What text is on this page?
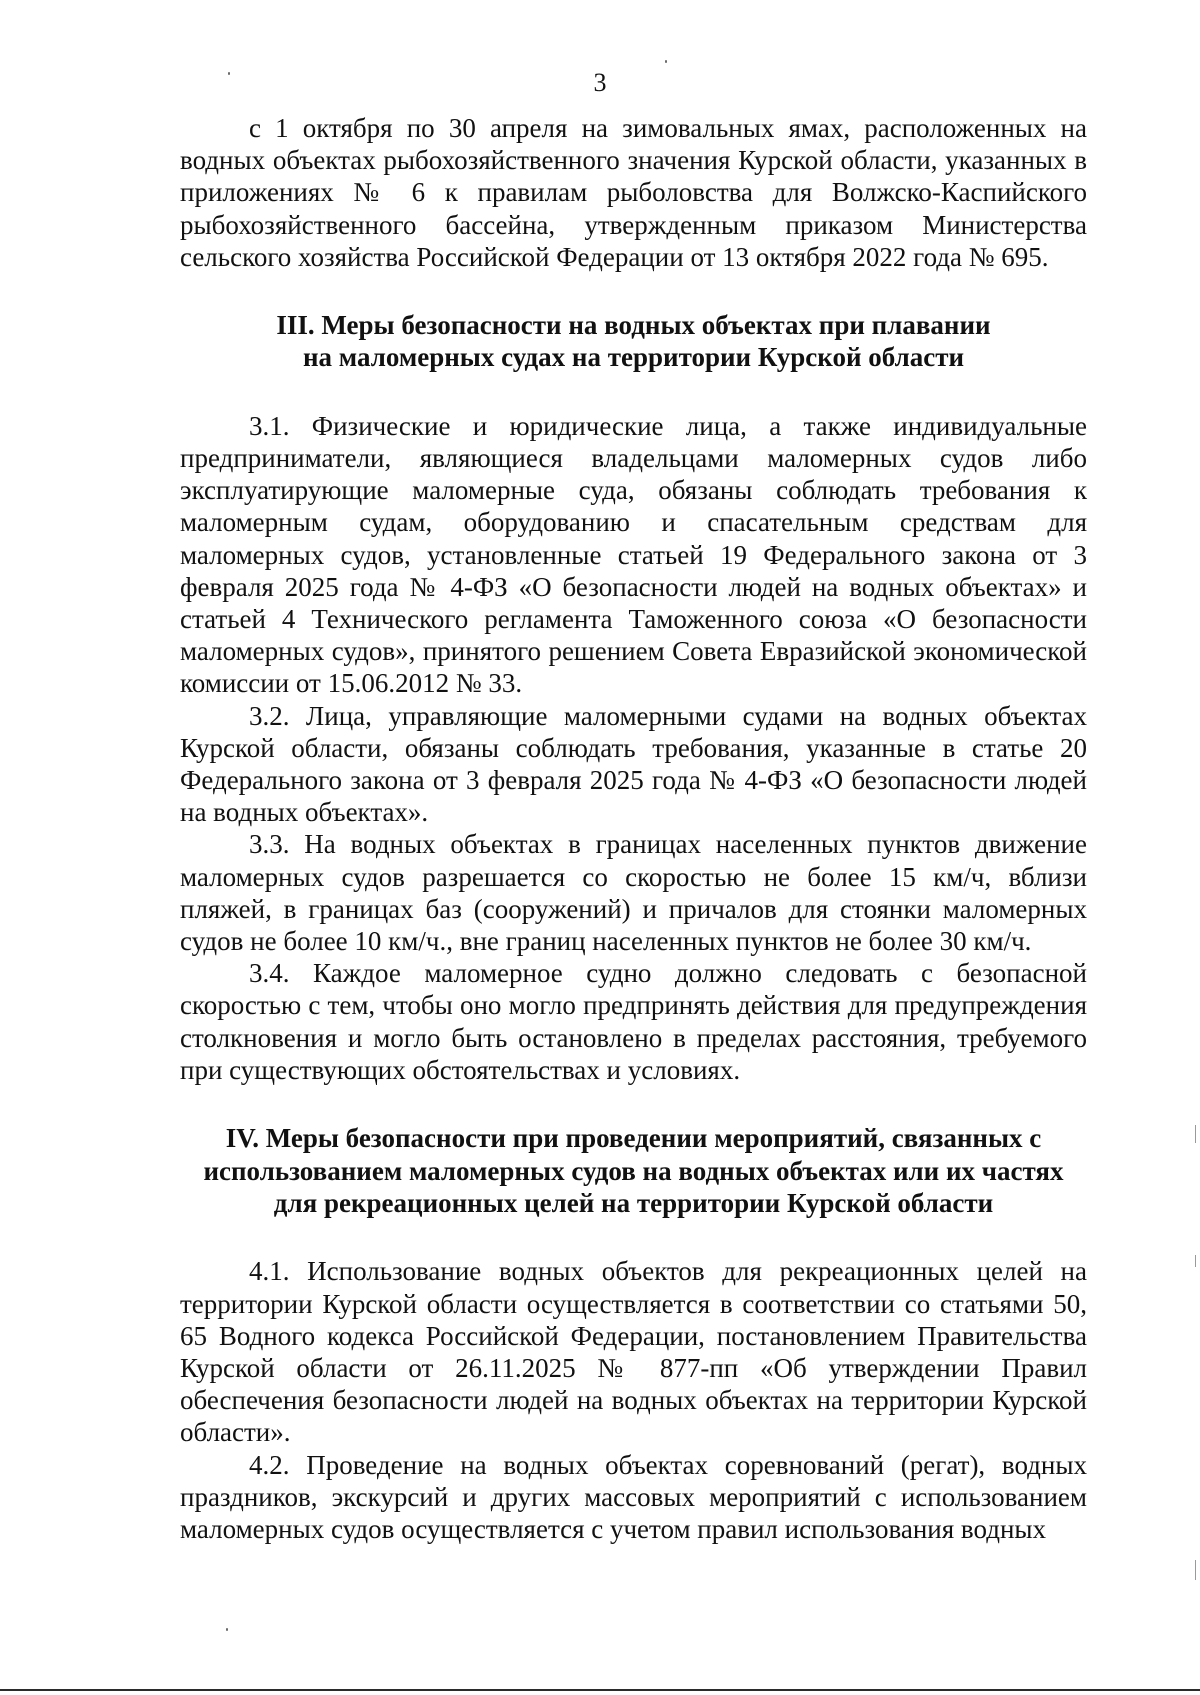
3

с 1 октября по 30 апреля на зимовальных ямах, расположенных на водных объектах рыбохозяйственного значения Курской области, указанных в приложениях № 6 к правилам рыболовства для Волжско-Каспийского рыбохозяйственного бассейна, утвержденным приказом Министерства сельского хозяйства Российской Федерации от 13 октября 2022 года № 695.

III. Меры безопасности на водных объектах при плавании
на маломерных судах на территории Курской области

3.1. Физические и юридические лица, а также индивидуальные предприниматели, являющиеся владельцами маломерных судов либо эксплуатирующие маломерные суда, обязаны соблюдать требования к маломерным судам, оборудованию и спасательным средствам для маломерных судов, установленные статьей 19 Федерального закона от 3 февраля 2025 года № 4-ФЗ «О безопасности людей на водных объектах» и статьей 4 Технического регламента Таможенного союза «О безопасности маломерных судов», принятого решением Совета Евразийской экономической комиссии от 15.06.2012 № 33.

3.2. Лица, управляющие маломерными судами на водных объектах Курской области, обязаны соблюдать требования, указанные в статье 20 Федерального закона от 3 февраля 2025 года № 4-ФЗ «О безопасности людей на водных объектах».

3.3. На водных объектах в границах населенных пунктов движение маломерных судов разрешается со скоростью не более 15 км/ч, вблизи пляжей, в границах баз (сооружений) и причалов для стоянки маломерных судов не более 10 км/ч., вне границ населенных пунктов не более 30 км/ч.

3.4. Каждое маломерное судно должно следовать с безопасной скоростью с тем, чтобы оно могло предпринять действия для предупреждения столкновения и могло быть остановлено в пределах расстояния, требуемого при существующих обстоятельствах и условиях.

IV. Меры безопасности при проведении мероприятий, связанных с
использованием маломерных судов на водных объектах или их частях
для рекреационных целей на территории Курской области

4.1. Использование водных объектов для рекреационных целей на территории Курской области осуществляется в соответствии со статьями 50, 65 Водного кодекса Российской Федерации, постановлением Правительства Курской области от 26.11.2025 № 877-пп «Об утверждении Правил обеспечения безопасности людей на водных объектах на территории Курской области».

4.2. Проведение на водных объектах соревнований (регат), водных праздников, экскурсий и других массовых мероприятий с использованием маломерных судов осуществляется с учетом правил использования водных
